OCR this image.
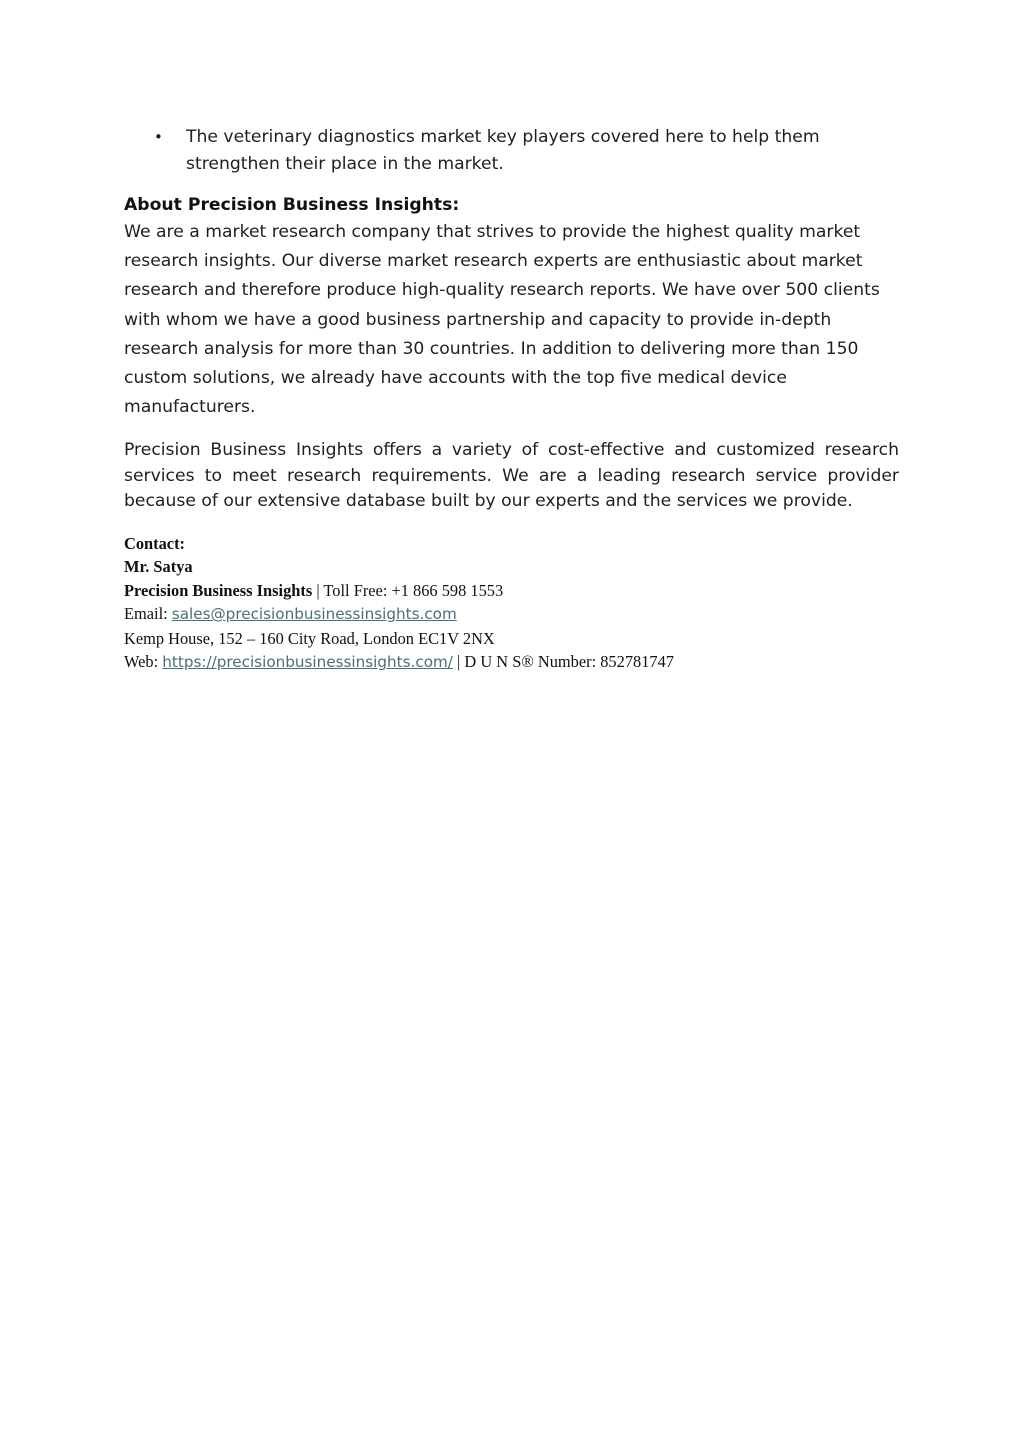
•	The veterinary diagnostics market key players covered here to help them strengthen their place in the market.
About Precision Business Insights:

We are a market research company that strives to provide the highest quality market research insights. Our diverse market research experts are enthusiastic about market research and therefore produce high-quality research reports. We have over 500 clients with whom we have a good business partnership and capacity to provide in-depth research analysis for more than 30 countries. In addition to delivering more than 150 custom solutions, we already have accounts with the top five medical device manufacturers.

Precision Business Insights offers a variety of cost-effective and customized research services to meet research requirements. We are a leading research service provider because of our extensive database built by our experts and the services we provide.

Contact:
Mr. Satya
Precision Business Insights | Toll Free: +1 866 598 1553
Email: sales@precisionbusinessinsights.com
Kemp House, 152 – 160 City Road, London EC1V 2NX
Web: https://precisionbusinessinsights.com/ | D U N S® Number: 852781747
